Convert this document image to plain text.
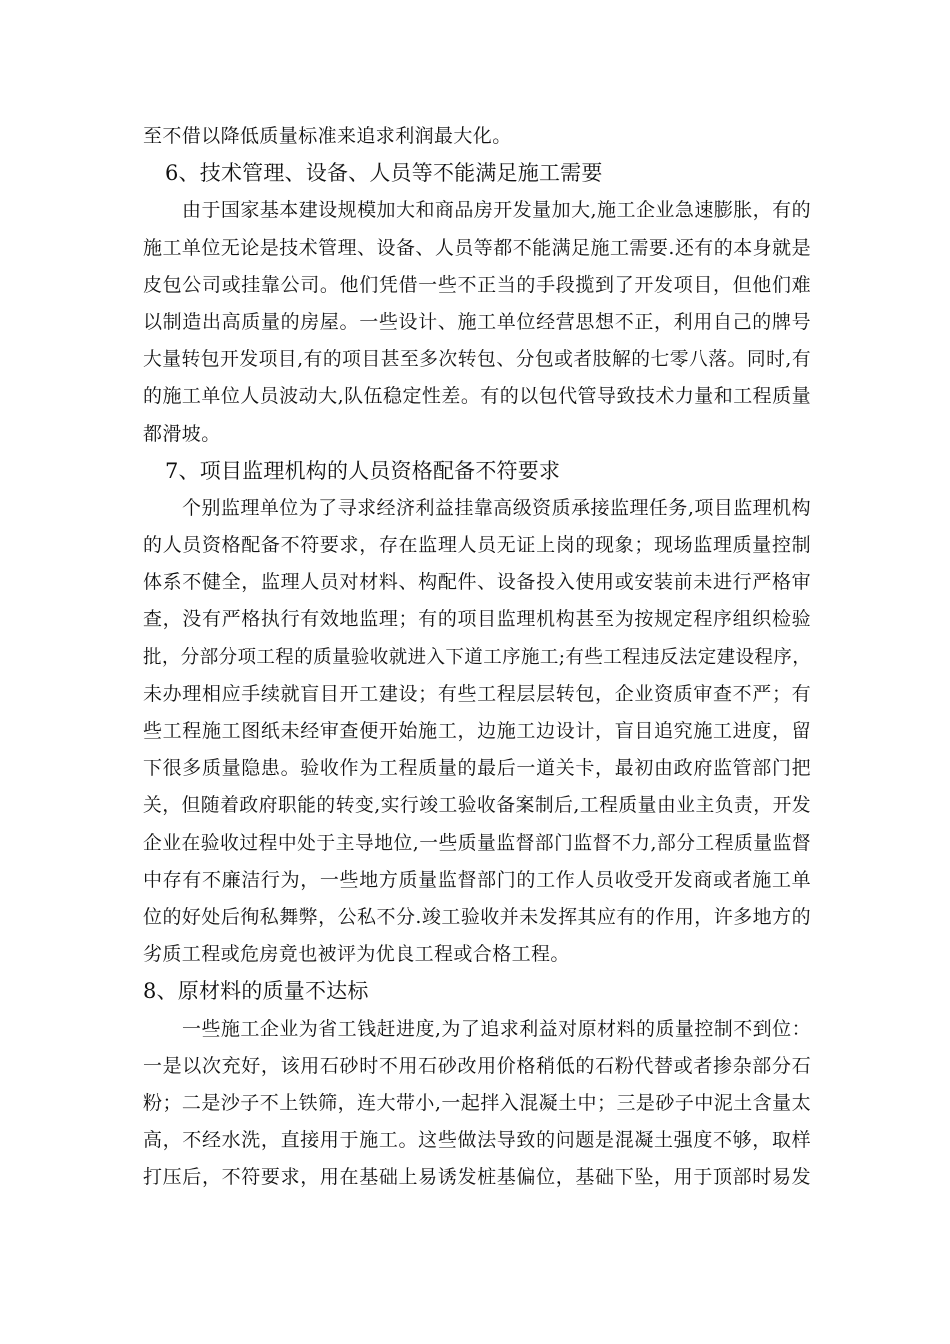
至不借以降低质量标准来追求利润最大化。
6、技术管理、设备、人员等不能满足施工需要
由于国家基本建设规模加大和商品房开发量加大,施工企业急速膨胀，有的
施工单位无论是技术管理、设备、人员等都不能满足施工需要.还有的本身就是
皮包公司或挂靠公司。他们凭借一些不正当的手段揽到了开发项目，但他们难
以制造出高质量的房屋。一些设计、施工单位经营思想不正，利用自己的牌号
大量转包开发项目,有的项目甚至多次转包、分包或者肢解的七零八落。同时,有
的施工单位人员波动大,队伍稳定性差。有的以包代管导致技术力量和工程质量
都滑坡。
7、项目监理机构的人员资格配备不符要求
个别监理单位为了寻求经济利益挂靠高级资质承接监理任务,项目监理机构
的人员资格配备不符要求，存在监理人员无证上岗的现象；现场监理质量控制
体系不健全，监理人员对材料、构配件、设备投入使用或安装前未进行严格审
查，没有严格执行有效地监理；有的项目监理机构甚至为按规定程序组织检验
批，分部分项工程的质量验收就进入下道工序施工;有些工程违反法定建设程序，
未办理相应手续就盲目开工建设；有些工程层层转包，企业资质审查不严；有
些工程施工图纸未经审查便开始施工，边施工边设计，盲目追究施工进度，留
下很多质量隐患。验收作为工程质量的最后一道关卡，最初由政府监管部门把
关，但随着政府职能的转变,实行竣工验收备案制后,工程质量由业主负责，开发
企业在验收过程中处于主导地位,一些质量监督部门监督不力,部分工程质量监督
中存有不廉洁行为，一些地方质量监督部门的工作人员收受开发商或者施工单
位的好处后徇私舞弊，公私不分.竣工验收并未发挥其应有的作用，许多地方的
劣质工程或危房竟也被评为优良工程或合格工程。
8、原材料的质量不达标
一些施工企业为省工钱赶进度,为了追求利益对原材料的质量控制不到位：
一是以次充好，该用石砂时不用石砂改用价格稍低的石粉代替或者掺杂部分石
粉；二是沙子不上铁筛，连大带小,一起拌入混凝土中；三是砂子中泥土含量太
高，不经水洗，直接用于施工。这些做法导致的问题是混凝土强度不够，取样
打压后，不符要求，用在基础上易诱发桩基偏位，基础下坠，用于顶部时易发
